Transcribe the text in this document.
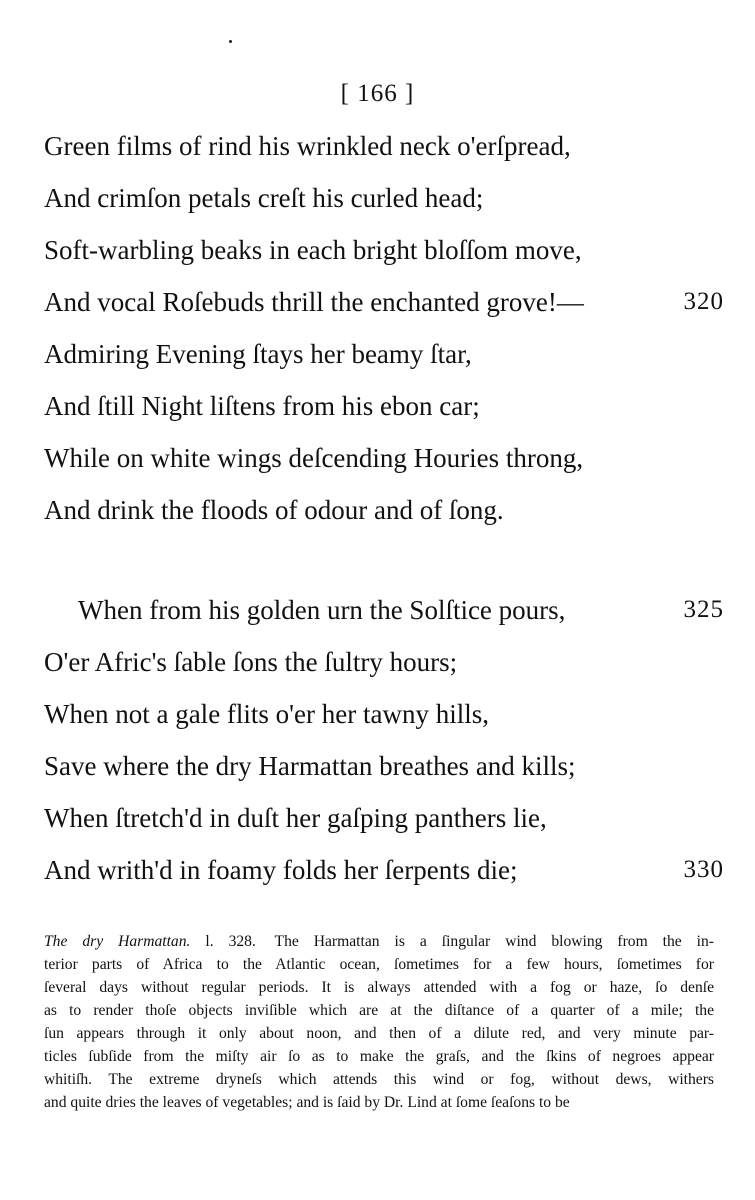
[ 166 ]
Green films of rind his wrinkled neck o'erſpread,
And crimſon petals creſt his curled head;
Soft-warbling beaks in each bright bloſſom move,
And vocal Roſebuds thrill the enchanted grove!—	320
Admiring Evening ſtays her beamy ſtar,
And ſtill Night liſtens from his ebon car;
While on white wings deſcending Houries throng,
And drink the floods of odour and of ſong.
When from his golden urn the Solſtice pours,	325
O'er Afric's ſable ſons the ſultry hours;
When not a gale flits o'er her tawny hills,
Save where the dry Harmattan breathes and kills;
When ſtretch'd in duſt her gaſping panthers lie,
And writh'd in foamy folds her ſerpents die;	330
The dry Harmattan. l. 328. The Harmattan is a ſingular wind blowing from the in-
terior parts of Africa to the Atlantic ocean, ſometimes for a few hours, ſometimes for
ſeveral days without regular periods. It is always attended with a fog or haze, ſo denſe
as to render thoſe objects inviſible which are at the diſtance of a quarter of a mile; the
ſun appears through it only about noon, and then of a dilute red, and very minute par-
ticles ſubſide from the miſty air ſo as to make the graſs, and the ſkins of negroes appear
whitiſh. The extreme dryneſs which attends this wind or fog, without dews, withers
and quite dries the leaves of vegetables; and is ſaid by Dr. Lind at ſome ſeaſons to be
